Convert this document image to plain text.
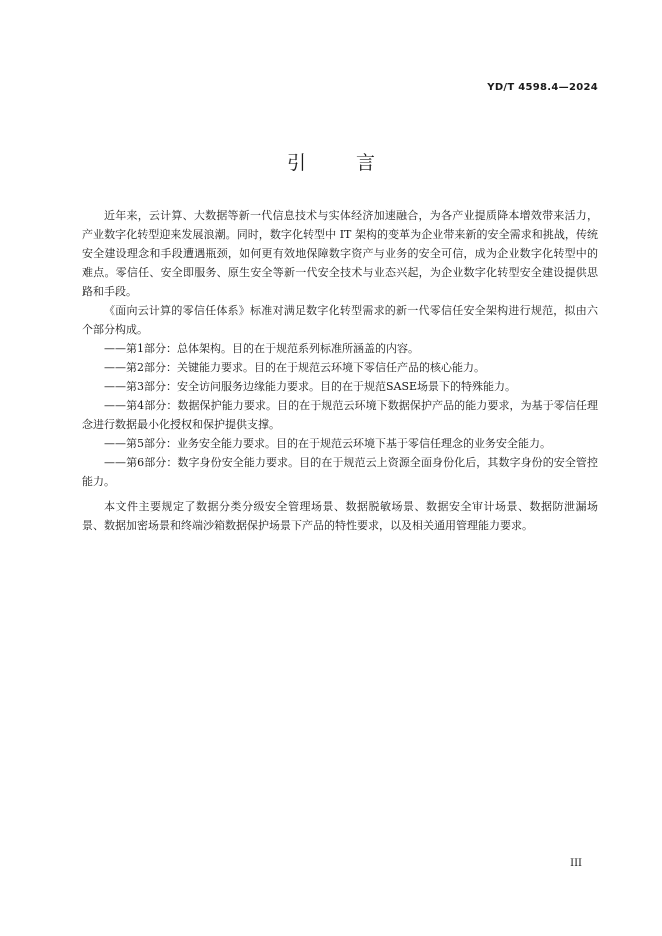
YD/T 4598.4—2024
引 言

近年来，云计算、大数据等新一代信息技术与实体经济加速融合，为各产业提质降本增效带来活力，产业数字化转型迎来发展浪潮。同时，数字化转型中 IT 架构的变革为企业带来新的安全需求和挑战，传统安全建设理念和手段遭遇瓶颈，如何更有效地保障数字资产与业务的安全可信，成为企业数字化转型中的难点。零信任、安全即服务、原生安全等新一代安全技术与业态兴起，为企业数字化转型安全建设提供思路和手段。

《面向云计算的零信任体系》标准对满足数字化转型需求的新一代零信任安全架构进行规范，拟由六个部分构成。

——第1部分：总体架构。目的在于规范系列标准所涵盖的内容。

——第2部分：关键能力要求。目的在于规范云环境下零信任产品的核心能力。

——第3部分：安全访问服务边缘能力要求。目的在于规范SASE场景下的特殊能力。

——第4部分：数据保护能力要求。目的在于规范云环境下数据保护产品的能力要求，为基于零信任理念进行数据最小化授权和保护提供支撑。

——第5部分：业务安全能力要求。目的在于规范云环境下基于零信任理念的业务安全能力。

——第6部分：数字身份安全能力要求。目的在于规范云上资源全面身份化后，其数字身份的安全管控能力。

本文件主要规定了数据分类分级安全管理场景、数据脱敏场景、数据安全审计场景、数据防泄漏场景、数据加密场景和终端沙箱数据保护场景下产品的特性要求，以及相关通用管理能力要求。

III
